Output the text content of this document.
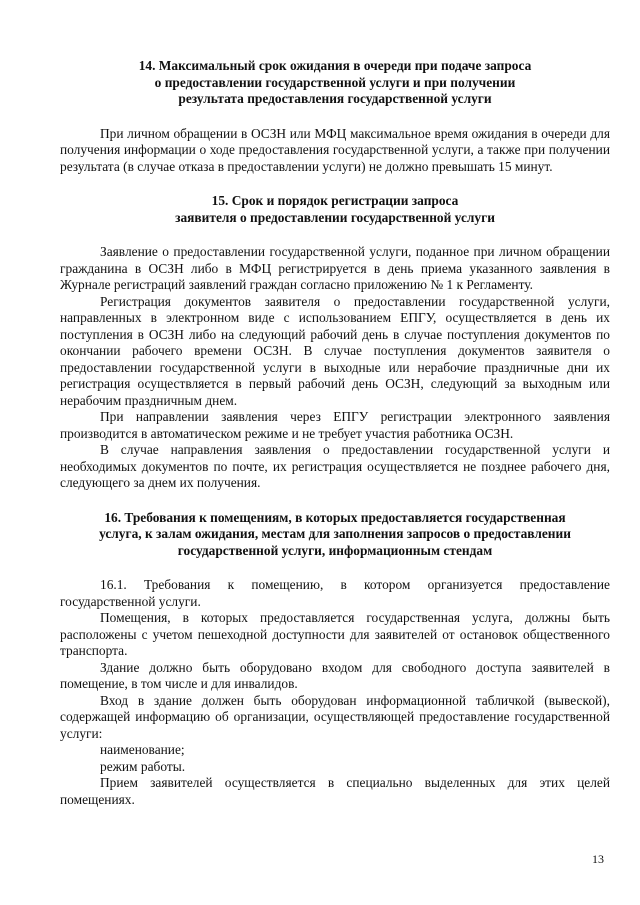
14. Максимальный срок ожидания в очереди при подаче запроса
о предоставлении государственной услуги и при получении
результата предоставления государственной услуги

При личном обращении в ОСЗН или МФЦ максимальное время ожидания в очереди для получения информации о ходе предоставления государственной услуги, а также при получении результата (в случае отказа в предоставлении услуги) не должно превышать 15 минут.

15. Срок и порядок регистрации запроса
заявителя о предоставлении государственной услуги

Заявление о предоставлении государственной услуги, поданное при личном обращении гражданина в ОСЗН либо в МФЦ регистрируется в день приема указанного заявления в Журнале регистраций заявлений граждан согласно приложению № 1 к Регламенту.

Регистрация документов заявителя о предоставлении государственной услуги, направленных в электронном виде с использованием ЕПГУ, осуществляется в день их поступления в ОСЗН либо на следующий рабочий день в случае поступления документов по окончании рабочего времени ОСЗН. В случае поступления документов заявителя о предоставлении государственной услуги в выходные или нерабочие праздничные дни их регистрация осуществляется в первый рабочий день ОСЗН, следующий за выходным или нерабочим праздничным днем.

При направлении заявления через ЕПГУ регистрации электронного заявления производится в автоматическом режиме и не требует участия работника ОСЗН.

В случае направления заявления о предоставлении государственной услуги и необходимых документов по почте, их регистрация осуществляется не позднее рабочего дня, следующего за днем их получения.

16. Требования к помещениям, в которых предоставляется государственная
услуга, к залам ожидания, местам для заполнения запросов о предоставлении
государственной услуги, информационным стендам

16.1. Требования к помещению, в котором организуется предоставление государственной услуги.

Помещения, в которых предоставляется государственная услуга, должны быть расположены с учетом пешеходной доступности для заявителей от остановок общественного транспорта.

Здание должно быть оборудовано входом для свободного доступа заявителей в помещение, в том числе и для инвалидов.

Вход в здание должен быть оборудован информационной табличкой (вывеской), содержащей информацию об организации, осуществляющей предоставление государственной услуги:

наименование;

режим работы.

Прием заявителей осуществляется в специально выделенных для этих целей помещениях.

13
